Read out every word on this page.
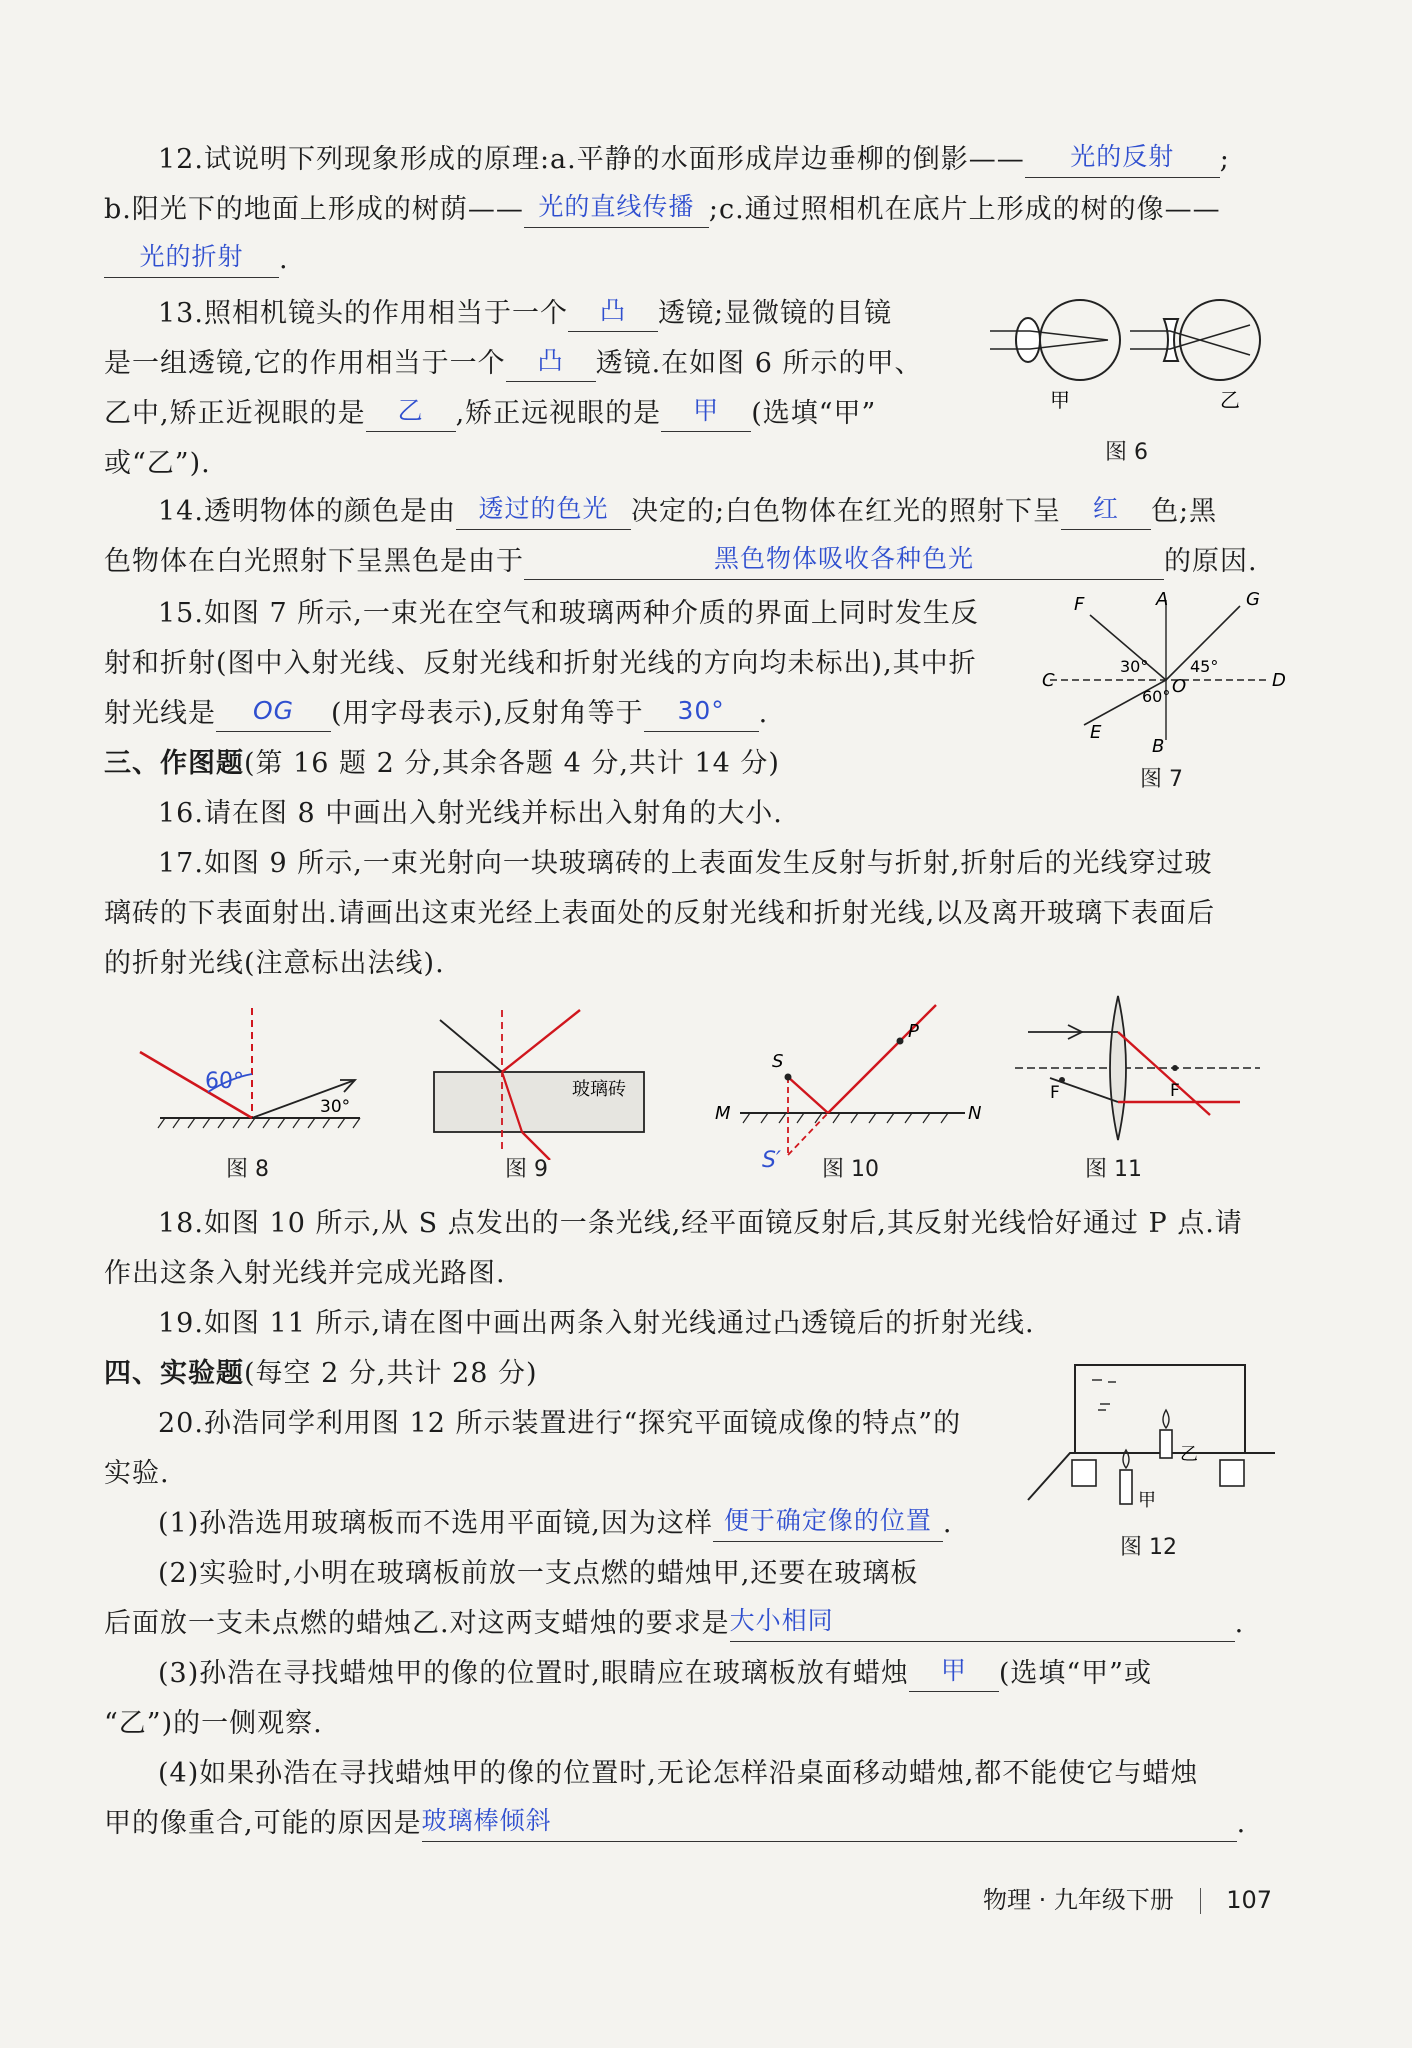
12.试说明下列现象形成的原理:a.平静的水面形成岸边垂柳的倒影—— 光的反射 ;
b.阳光下的地面上形成的树荫—— 光的直线传播 ;c.通过照相机在底片上形成的树的像——
光的折射 .
13.照相机镜头的作用相当于一个 凸 透镜;显微镜的目镜
是一组透镜,它的作用相当于一个 凸 透镜.在如图 6 所示的甲、
乙中,矫正近视眼的是 乙 ,矫正远视眼的是 甲 (选填“甲”
或“乙”).
甲	乙
图 6
14.透明物体的颜色是由 透过的色光 决定的;白色物体在红光的照射下呈 红 色;黑
色物体在白光照射下呈黑色是由于	黑色物体吸收各种色光	的原因.
15.如图 7 所示,一束光在空气和玻璃两种介质的界面上同时发生反
射和折射(图中入射光线、反射光线和折射光线的方向均未标出),其中折
射光线是 OG (用字母表示),反射角等于 30° .
F	A	G
C	O	D
E
B
30°	45°
60°
图 7
三、作图题(第 16 题 2 分,其余各题 4 分,共计 14 分)
16.请在图 8 中画出入射光线并标出入射角的大小.
17.如图 9 所示,一束光射向一块玻璃砖的上表面发生反射与折射,折射后的光线穿过玻
璃砖的下表面射出.请画出这束光经上表面处的反射光线和折射光线,以及离开玻璃下表面后
的折射光线(注意标出法线).
60°
30°
图 8
玻璃砖
图 9
S
P
M	N
S′ 图 10
F	F
图 11
18.如图 10 所示,从 S 点发出的一条光线,经平面镜反射后,其反射光线恰好通过 P 点.请
作出这条入射光线并完成光路图.
19.如图 11 所示,请在图中画出两条入射光线通过凸透镜后的折射光线.
四、实验题(每空 2 分,共计 28 分)
20.孙浩同学利用图 12 所示装置进行“探究平面镜成像的特点”的
实验.
(1)孙浩选用玻璃板而不选用平面镜,因为这样 便于确定像的位置 .
(2)实验时,小明在玻璃板前放一支点燃的蜡烛甲,还要在玻璃板
后面放一支未点燃的蜡烛乙.对这两支蜡烛的要求是大小相同	.
(3)孙浩在寻找蜡烛甲的像的位置时,眼睛应在玻璃板放有蜡烛 甲 (选填“甲”或
“乙”)的一侧观察.
(4)如果孙浩在寻找蜡烛甲的像的位置时,无论怎样沿桌面移动蜡烛,都不能使它与蜡烛
甲的像重合,可能的原因是玻璃棒倾斜	.
甲
乙
图 12
物理 · 九年级下册 107
